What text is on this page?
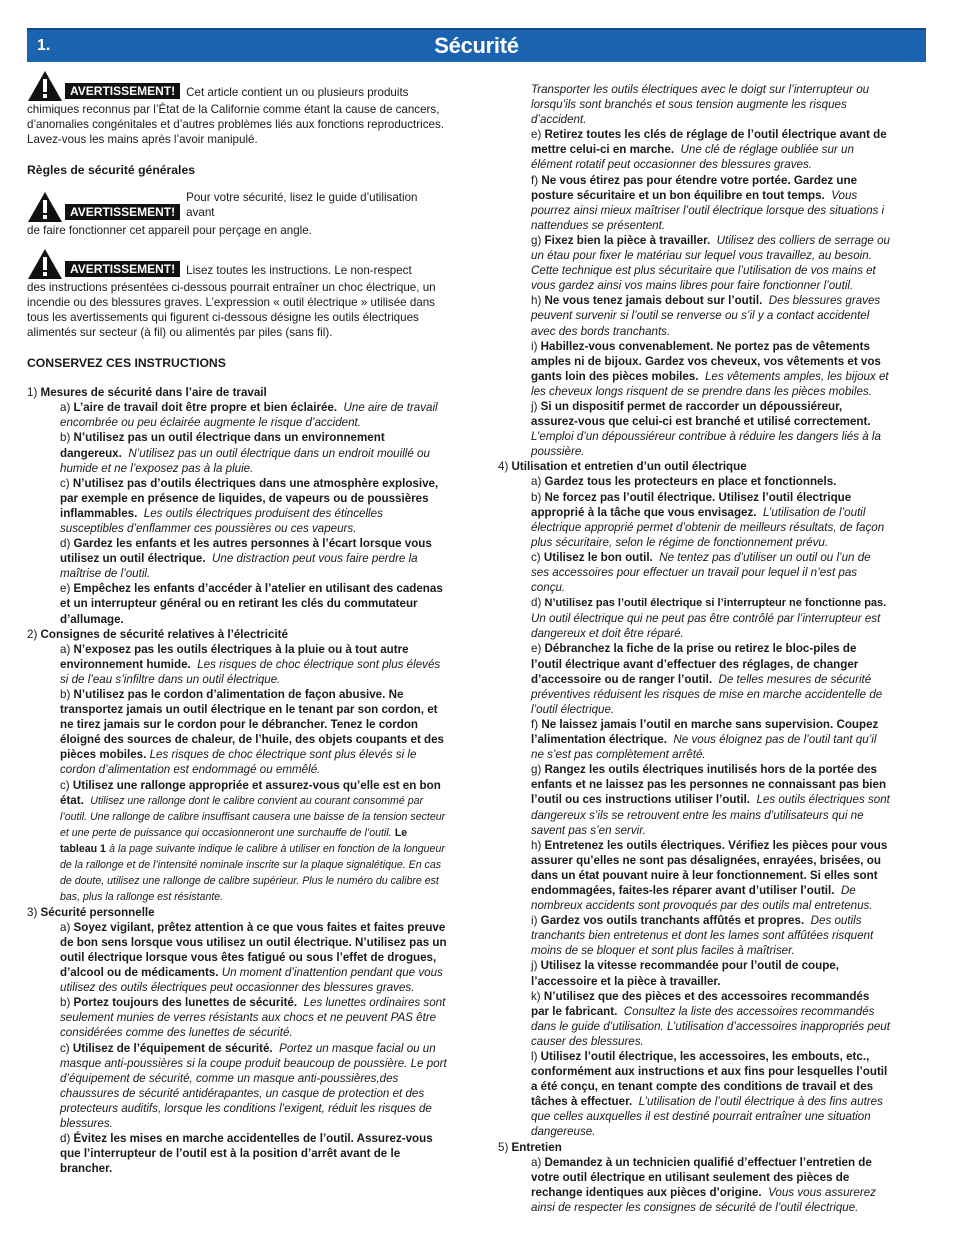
1.	Sécurité
AVERTISSEMENT! Cet article contient un ou plusieurs produits

chimiques reconnus par l’État de la Californie comme étant la cause de cancers, d’anomalies congénitales et d’autres problèmes liés aux fonctions reproductrices. Lavez-vous les mains après l’avoir manipulé.

Règles de sécurité générales

AVERTISSEMENT!
Pour votre sécurité, lisez le guide d’utilisation avant

de faire fonctionner cet appareil pour perçage en angle.

AVERTISSEMENT! Lisez toutes les instructions. Le non-respect

des instructions présentées ci-dessous pourrait entraîner un choc électrique, un incendie ou des blessures graves. L’expression « outil électrique » utilisée dans tous les avertissements qui figurent ci-dessous désigne les outils électriques alimentés sur secteur (à fil) ou alimentés par piles (sans fil).

CONSERVEZ CES INSTRUCTIONS

1) Mesures de sécurité dans l’aire de travail

a) L’aire de travail doit être propre et bien éclairée. Une aire de travail encombrée ou peu éclairée augmente le risque d’accident.

b) N’utilisez pas un outil électrique dans un environnement dangereux. N’utilisez pas un outil électrique dans un endroit mouillé ou humide et ne l’exposez pas à la pluie.

c) N’utilisez pas d’outils électriques dans une atmosphère explosive, par exemple en présence de liquides, de vapeurs ou de poussières inflammables. Les outils électriques produisent des étincelles susceptibles d’enflammer ces poussières ou ces vapeurs.

d) Gardez les enfants et les autres personnes à l’écart lorsque vous utilisez un outil électrique. Une distraction peut vous faire perdre la maîtrise de l’outil.

e) Empêchez les enfants d’accéder à l’atelier en utilisant des cadenas et un interrupteur général ou en retirant les clés du commutateur d’allumage.

2) Consignes de sécurité relatives à l’électricité

a) N’exposez pas les outils électriques à la pluie ou à tout autre environnement humide. Les risques de choc électrique sont plus élevés si de l’eau s’infiltre dans un outil électrique.

b) N’utilisez pas le cordon d’alimentation de façon abusive. Ne transportez jamais un outil électrique en le tenant par son cordon, et ne tirez jamais sur le cordon pour le débrancher. Tenez le cordon éloigné des sources de chaleur, de l’huile, des objets coupants et des pièces mobiles. Les risques de choc électrique sont plus élevés si le cordon d’alimentation est endommagé ou emmêlé.

c) Utilisez une rallonge appropriée et assurez-vous qu’elle est en bon état. Utilisez une rallonge dont le calibre convient au courant consommé par l’outil. Une rallonge de calibre insuffisant causera une baisse de la tension secteur et une perte de puissance qui occasionneront une surchauffe de l’outil. Le tableau 1 à la page suivante indique le calibre à utiliser en fonction de la longueur de la rallonge et de l’intensité nominale inscrite sur la plaque signalétique. En cas de doute, utilisez une rallonge de calibre supérieur. Plus le numéro du calibre est bas, plus la rallonge est résistante.

3) Sécurité personnelle

a) Soyez vigilant, prêtez attention à ce que vous faites et faites preuve de bon sens lorsque vous utilisez un outil électrique. N’utilisez pas un outil électrique lorsque vous êtes fatigué ou sous l’effet de drogues, d’alcool ou de médicaments. Un moment d’inattention pendant que vous utilisez des outils électriques peut occasionner des blessures graves.

b) Portez toujours des lunettes de sécurité. Les lunettes ordinaires sont seulement munies de verres résistants aux chocs et ne peuvent PAS être considérées comme des lunettes de sécurité.

c) Utilisez de l’équipement de sécurité. Portez un masque facial ou un masque anti-poussières si la coupe produit beaucoup de poussière. Le port d’équipement de sécurité, comme un masque anti-poussières,des chaussures de sécurité antidérapantes, un casque de protection et des protecteurs auditifs, lorsque les conditions l’exigent, réduit les risques de blessures.

d) Évitez les mises en marche accidentelles de l’outil. Assurez-vous que l’interrupteur de l’outil est à la position d’arrêt avant de le brancher.

Transporter les outils électriques avec le doigt sur l’interrupteur ou lorsqu’ils sont branchés et sous tension augmente les risques d’accident.

e) Retirez toutes les clés de réglage de l’outil électrique avant de mettre celui-ci en marche. Une clé de réglage oubliée sur un élément rotatif peut occasionner des blessures graves.

f) Ne vous étirez pas pour étendre votre portée. Gardez une posture sécuritaire et un bon équilibre en tout temps. Vous pourrez ainsi mieux maîtriser l’outil électrique lorsque des situations i nattendues se présentent.

g) Fixez bien la pièce à travailler. Utilisez des colliers de serrage ou un étau pour fixer le matériau sur lequel vous travaillez, au besoin. Cette technique est plus sécuritaire que l’utilisation de vos mains et vous gardez ainsi vos mains libres pour faire fonctionner l’outil.

h) Ne vous tenez jamais debout sur l’outil. Des blessures graves peuvent survenir si l’outil se renverse ou s’il y a contact accidentel avec des bords tranchants.

i) Habillez-vous convenablement. Ne portez pas de vêtements amples ni de bijoux. Gardez vos cheveux, vos vêtements et vos gants loin des pièces mobiles. Les vêtements amples, les bijoux et les cheveux longs risquent de se prendre dans les pièces mobiles.

j) Si un dispositif permet de raccorder un dépoussiéreur, assurez-vous que celui-ci est branché et utilisé correctement. L’emploi d’un dépoussiéreur contribue à réduire les dangers liés à la poussière.

4) Utilisation et entretien d’un outil électrique

a) Gardez tous les protecteurs en place et fonctionnels.

b) Ne forcez pas l’outil électrique. Utilisez l’outil électrique approprié à la tâche que vous envisagez. L’utilisation de l’outil électrique approprié permet d’obtenir de meilleurs résultats, de façon plus sécuritaire, selon le régime de fonctionnement prévu.

c) Utilisez le bon outil. Ne tentez pas d’utiliser un outil ou l’un de ses accessoires pour effectuer un travail pour lequel il n’est pas conçu.

d) N’utilisez pas l’outil électrique si l’interrupteur ne fonctionne pas. Un outil électrique qui ne peut pas être contrôlé par l’interrupteur est dangereux et doit être réparé.

e) Débranchez la fiche de la prise ou retirez le bloc-piles de l’outil électrique avant d’effectuer des réglages, de changer d’accessoire ou de ranger l’outil. De telles mesures de sécurité préventives réduisent les risques de mise en marche accidentelle de l’outil électrique.

f) Ne laissez jamais l’outil en marche sans supervision. Coupez l’alimentation électrique. Ne vous éloignez pas de l’outil tant qu’il ne s’est pas complètement arrêté.

g) Rangez les outils électriques inutilisés hors de la portée des enfants et ne laissez pas les personnes ne connaissant pas bien l’outil ou ces instructions utiliser l’outil. Les outils électriques sont dangereux s’ils se retrouvent entre les mains d’utilisateurs qui ne savent pas s’en servir.

h) Entretenez les outils électriques. Vérifiez les pièces pour vous assurer qu’elles ne sont pas désalignées, enrayées, brisées, ou dans un état pouvant nuire à leur fonctionnement. Si elles sont endommagées, faites-les réparer avant d’utiliser l’outil. De nombreux accidents sont provoqués par des outils mal entretenus.

i) Gardez vos outils tranchants affûtés et propres. Des outils tranchants bien entretenus et dont les lames sont affûtées risquent moins de se bloquer et sont plus faciles à maîtriser.

j) Utilisez la vitesse recommandée pour l’outil de coupe, l’accessoire et la pièce à travailler.

k) N’utilisez que des pièces et des accessoires recommandés par le fabricant. Consultez la liste des accessoires recommandés dans le guide d’utilisation. L’utilisation d’accessoires inappropriés peut causer des blessures.

l) Utilisez l’outil électrique, les accessoires, les embouts, etc., conformément aux instructions et aux fins pour lesquelles l’outil a été conçu, en tenant compte des conditions de travail et des tâches à effectuer. L’utilisation de l’outil électrique à des fins autres que celles auxquelles il est destiné pourrait entraîner une situation dangereuse.

5) Entretien

a) Demandez à un technicien qualifié d’effectuer l’entretien de votre outil électrique en utilisant seulement des pièces de rechange identiques aux pièces d’origine. Vous vous assurerez ainsi de respecter les consignes de sécurité de l’outil électrique.
